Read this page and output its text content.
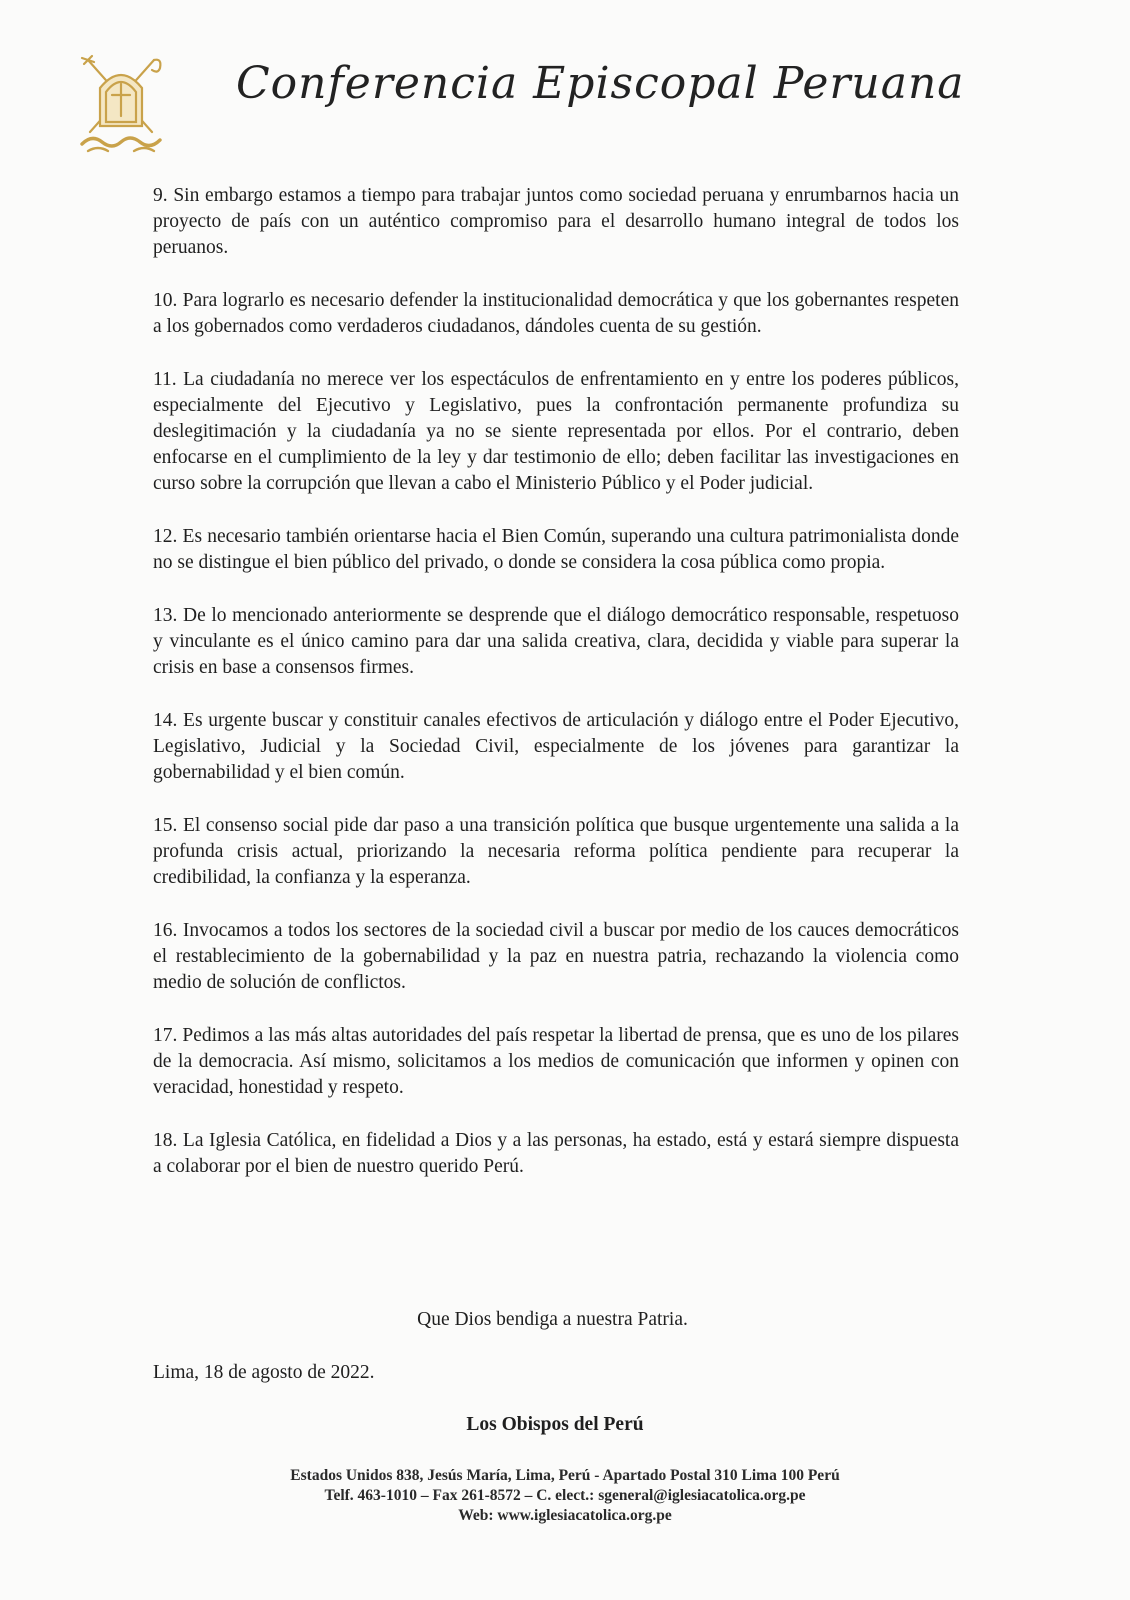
Conferencia Episcopal Peruana

9. Sin embargo estamos a tiempo para trabajar juntos como sociedad peruana y enrumbarnos hacia un proyecto de país con un auténtico compromiso para el desarrollo humano integral de todos los peruanos.

10. Para lograrlo es necesario defender la institucionalidad democrática y que los gobernantes respeten a los gobernados como verdaderos ciudadanos, dándoles cuenta de su gestión.

11. La ciudadanía no merece ver los espectáculos de enfrentamiento en y entre los poderes públicos, especialmente del Ejecutivo y Legislativo, pues la confrontación permanente profundiza su deslegitimación y la ciudadanía ya no se siente representada por ellos. Por el contrario, deben enfocarse en el cumplimiento de la ley y dar testimonio de ello; deben facilitar las investigaciones en curso sobre la corrupción que llevan a cabo el Ministerio Público y el Poder judicial.

12. Es necesario también orientarse hacia el Bien Común, superando una cultura patrimonialista donde no se distingue el bien público del privado, o donde se considera la cosa pública como propia.

13. De lo mencionado anteriormente se desprende que el diálogo democrático responsable, respetuoso y vinculante es el único camino para dar una salida creativa, clara, decidida y viable para superar la crisis en base a consensos firmes.

14. Es urgente buscar y constituir canales efectivos de articulación y diálogo entre el Poder Ejecutivo, Legislativo, Judicial y la Sociedad Civil, especialmente de los jóvenes para garantizar la gobernabilidad y el bien común.

15. El consenso social pide dar paso a una transición política que busque urgentemente una salida a la profunda crisis actual, priorizando la necesaria reforma política pendiente para recuperar la credibilidad, la confianza y la esperanza.

16. Invocamos a todos los sectores de la sociedad civil a buscar por medio de los cauces democráticos el restablecimiento de la gobernabilidad y la paz en nuestra patria, rechazando la violencia como medio de solución de conflictos.

17. Pedimos a las más altas autoridades del país respetar la libertad de prensa, que es uno de los pilares de la democracia. Así mismo, solicitamos a los medios de comunicación que informen y opinen con veracidad, honestidad y respeto.

18. La Iglesia Católica, en fidelidad a Dios y a las personas, ha estado, está y estará siempre dispuesta a colaborar por el bien de nuestro querido Perú.

Que Dios bendiga a nuestra Patria.
Lima, 18 de agosto de 2022.
Los Obispos del Perú
Estados Unidos 838, Jesús María, Lima, Perú - Apartado Postal 310 Lima 100 Perú
Telf. 463-1010 – Fax 261-8572 – C. elect.: sgeneral@iglesiacatolica.org.pe
Web: www.iglesiacatolica.org.pe
